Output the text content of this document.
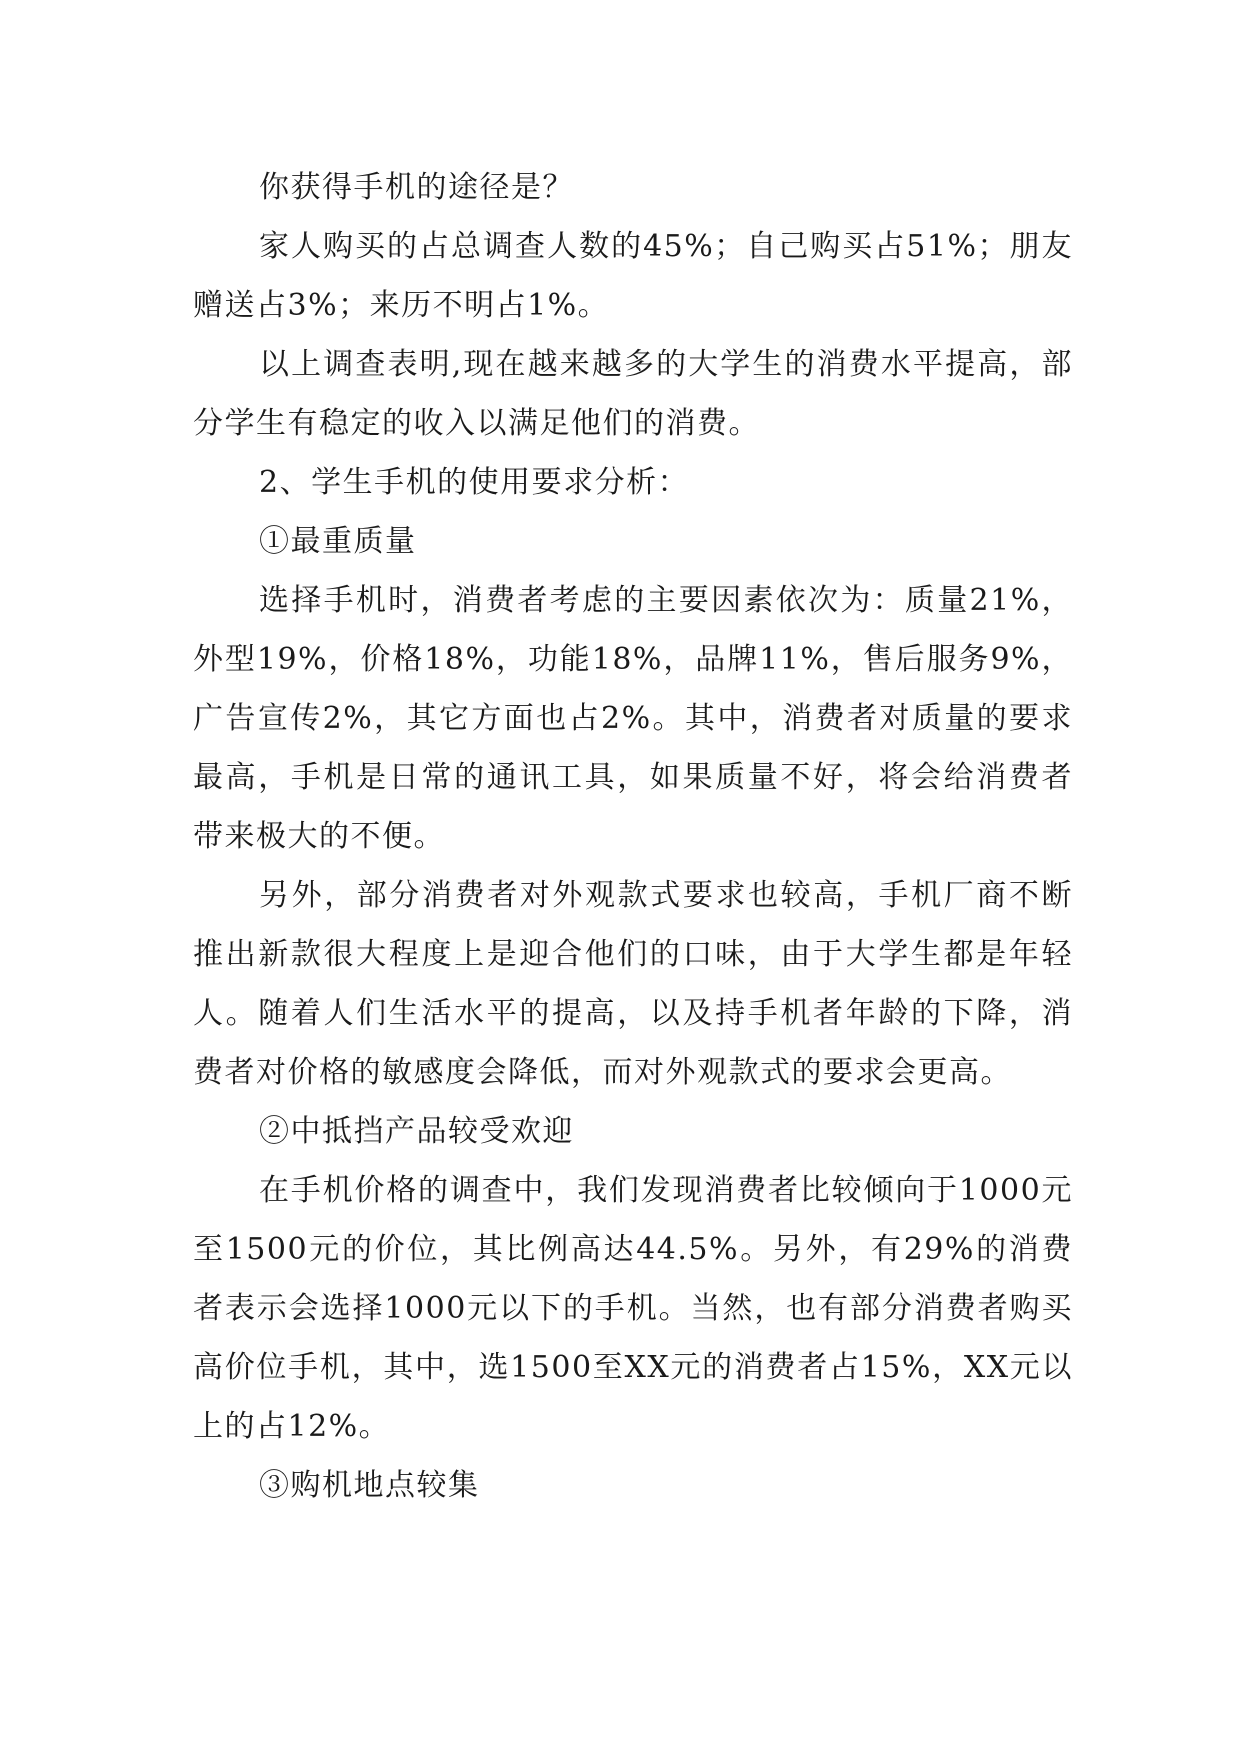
你获得手机的途径是？

家人购买的占总调查人数的45%；自己购买占51%；朋友赠送占3%；来历不明占1%。

以上调查表明,现在越来越多的大学生的消费水平提高，部分学生有稳定的收入以满足他们的消费。

2、学生手机的使用要求分析：

①最重质量

选择手机时，消费者考虑的主要因素依次为：质量21%，外型19%，价格18%，功能18%，品牌11%，售后服务9%，广告宣传2%，其它方面也占2%。其中，消费者对质量的要求最高，手机是日常的通讯工具，如果质量不好，将会给消费者带来极大的不便。

另外，部分消费者对外观款式要求也较高，手机厂商不断推出新款很大程度上是迎合他们的口味，由于大学生都是年轻人。随着人们生活水平的提高，以及持手机者年龄的下降，消费者对价格的敏感度会降低，而对外观款式的要求会更高。

②中抵挡产品较受欢迎

在手机价格的调查中，我们发现消费者比较倾向于1000元至1500元的价位，其比例高达44.5%。另外，有29%的消费者表示会选择1000元以下的手机。当然，也有部分消费者购买高价位手机，其中，选1500至XX元的消费者占15%，XX元以上的占12%。

③购机地点较集
